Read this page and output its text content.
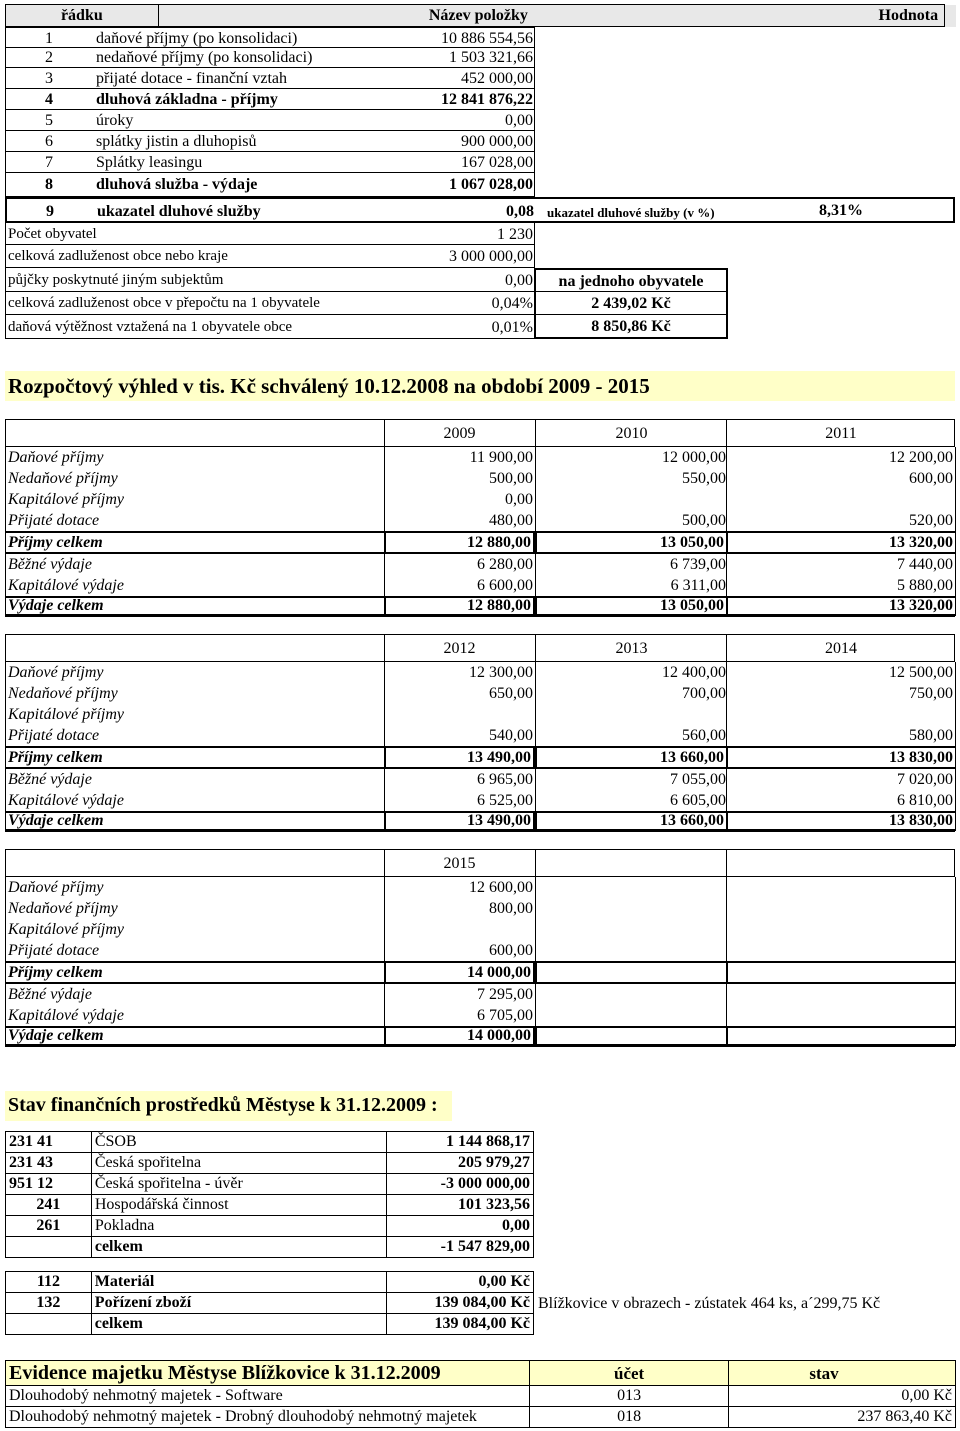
řádku	Název položky	Hodnota

1	daňové příjmy (po konsolidaci)	10 886 554,56
2	nedaňové příjmy (po konsolidaci)	1 503 321,66
3	přijaté dotace - finanční vztah	452 000,00
4	dluhová základna - příjmy	12 841 876,22
5	úroky	0,00
6	splátky jistin a dluhopisů	900 000,00
7	Splátky leasingu	167 028,00
8	dluhová služba - výdaje	1 067 028,00
9	ukazatel dluhové služby	0,08 ukazatel dluhové služby (v %)	8,31%
Počet obyvatel	1 230
celková zadluženost obce nebo kraje	3 000 000,00
půjčky poskytnuté jiným subjektům	0,00	na jednoho obyvatele
celková zadluženost obce v přepočtu na 1 obyvatele	0,04%	2 439,02 Kč
daňová výtěžnost vztažená na 1 obyvatele obce	0,01%	8 850,86 Kč
Rozpočtový výhled v tis. Kč schválený 10.12.2008 na období 2009 - 2015
2009	2010	2011
Daňové příjmy	11 900,00	12 000,00	12 200,00
Nedaňové příjmy	500,00	550,00	600,00
Kapitálové příjmy	0,00
Přijaté dotace	480,00	500,00	520,00
Příjmy celkem	12 880,00	13 050,00	13 320,00
Běžné výdaje	6 280,00	6 739,00	7 440,00
Kapitálové výdaje	6 600,00	6 311,00	5 880,00
Výdaje celkem	12 880,00	13 050,00	13 320,00
2012	2013	2014
Daňové příjmy	12 300,00	12 400,00	12 500,00
Nedaňové příjmy	650,00	700,00	750,00
Kapitálové příjmy
Přijaté dotace	540,00	560,00	580,00
Příjmy celkem	13 490,00	13 660,00	13 830,00
Běžné výdaje	6 965,00	7 055,00	7 020,00
Kapitálové výdaje	6 525,00	6 605,00	6 810,00
Výdaje celkem	13 490,00	13 660,00	13 830,00
2015
Daňové příjmy	12 600,00
Nedaňové příjmy	800,00
Kapitálové příjmy
Přijaté dotace	600,00
Příjmy celkem	14 000,00
Běžné výdaje	7 295,00
Kapitálové výdaje	6 705,00
Výdaje celkem	14 000,00
Stav finančních prostředků Městyse k 31.12.2009 :
231 41	ČSOB	1 144 868,17
231 43	Česká spořitelna	205 979,27
951 12	Česká spořitelna - úvěr	-3 000 000,00
241	Hospodářská činnost	101 323,56
261	Pokladna	0,00
	celkem	-1 547 829,00
112	Materiál	0,00 Kč
132	Pořízení zboží	139 084,00 Kč
	celkem	139 084,00 Kč
Blížkovice v obrazech - zústatek 464 ks, a´299,75 Kč
Evidence majetku Městyse Blížkovice k 31.12.2009	účet	stav
Dlouhodobý nehmotný majetek - Software	013	0,00 Kč
Dlouhodobý nehmotný majetek - Drobný dlouhodobý nehmotný majetek	018	237 863,40 Kč
